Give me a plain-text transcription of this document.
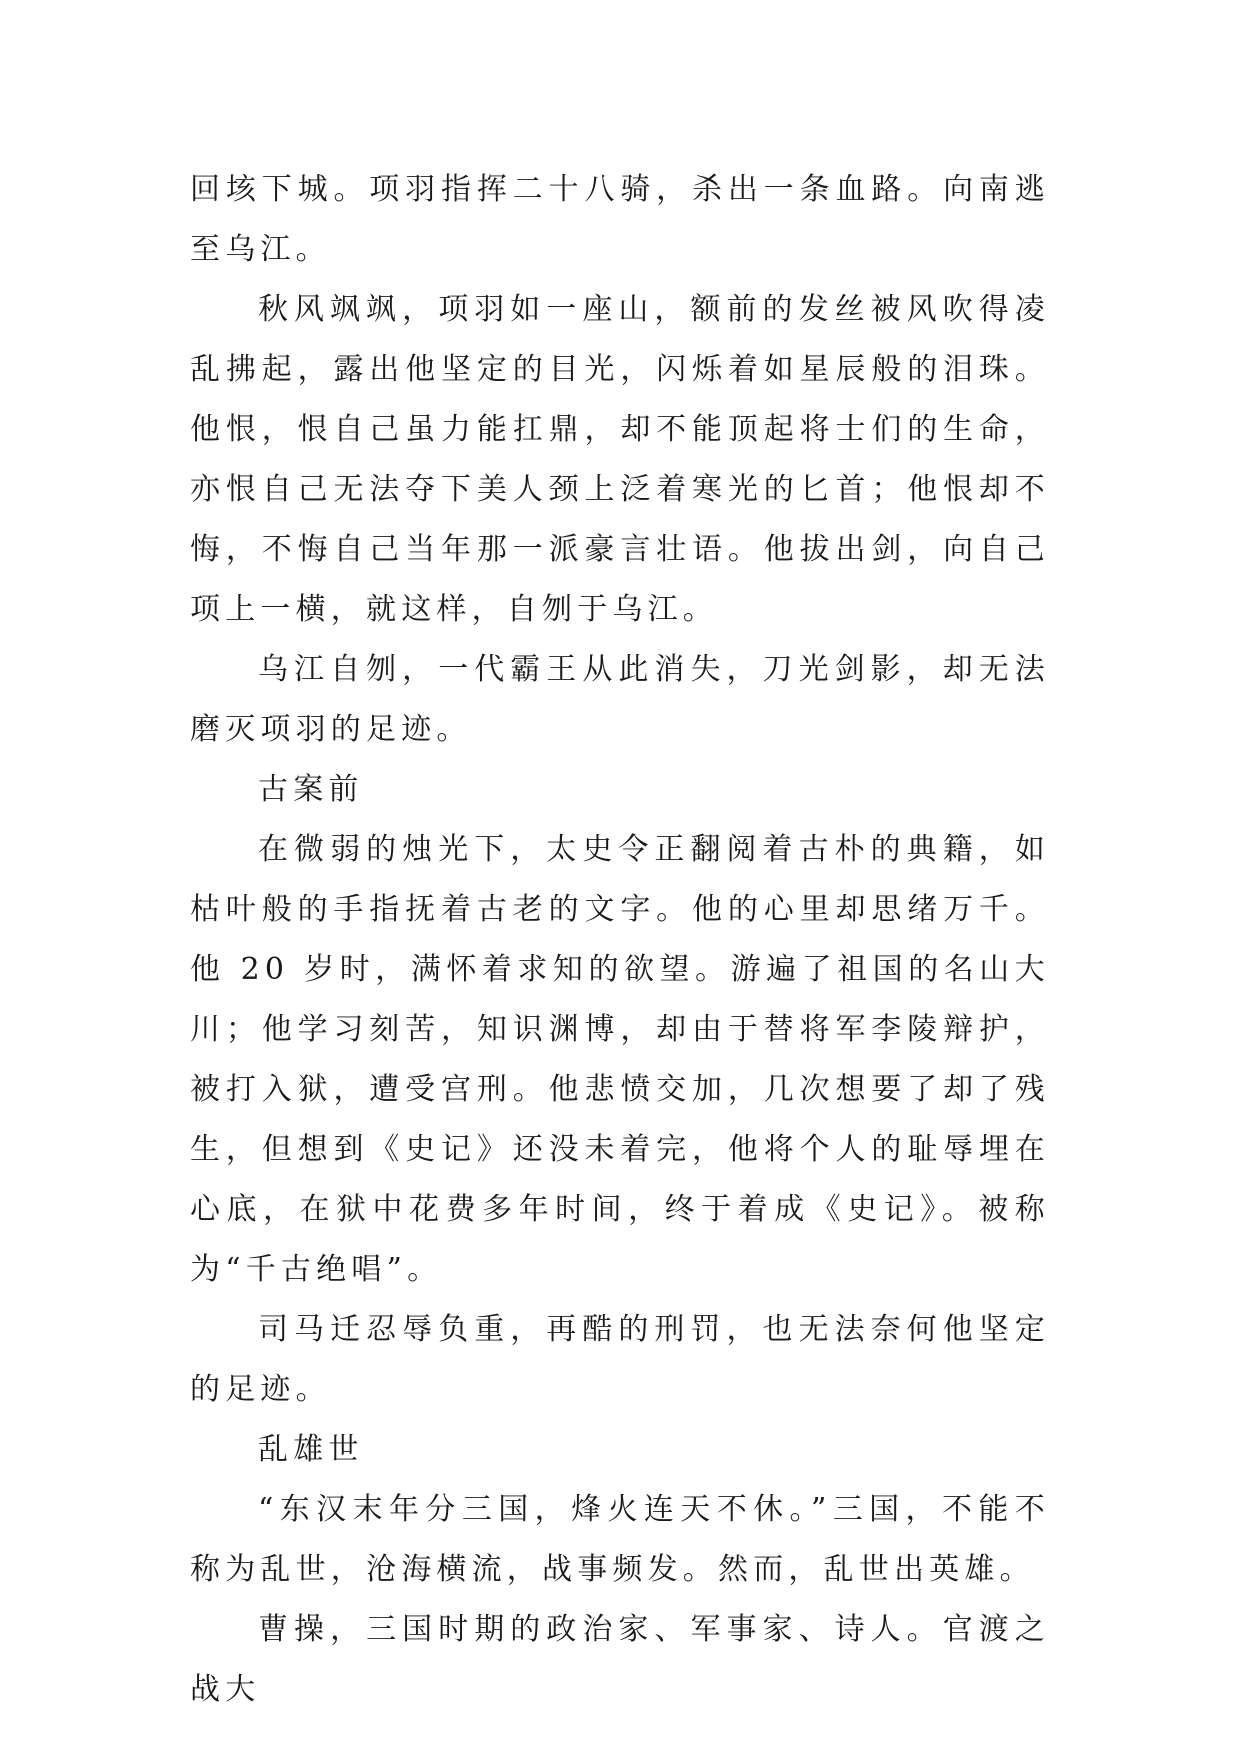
回垓下城。项羽指挥二十八骑，杀出一条血路。向南逃至乌江。

秋风飒飒，项羽如一座山，额前的发丝被风吹得凌乱拂起，露出他坚定的目光，闪烁着如星辰般的泪珠。他恨，恨自己虽力能扛鼎，却不能顶起将士们的生命，亦恨自己无法夺下美人颈上泛着寒光的匕首；他恨却不悔，不悔自己当年那一派豪言壮语。他拔出剑，向自己项上一横，就这样，自刎于乌江。

乌江自刎，一代霸王从此消失，刀光剑影，却无法磨灭项羽的足迹。

古案前

在微弱的烛光下，太史令正翻阅着古朴的典籍，如枯叶般的手指抚着古老的文字。他的心里却思绪万千。他 20 岁时，满怀着求知的欲望。游遍了祖国的名山大川；他学习刻苦，知识渊博，却由于替将军李陵辩护，被打入狱，遭受宫刑。他悲愤交加，几次想要了却了残生，但想到《史记》还没未着完，他将个人的耻辱埋在心底，在狱中花费多年时间，终于着成《史记》。被称为“千古绝唱”。

司马迁忍辱负重，再酷的刑罚，也无法奈何他坚定的足迹。

乱雄世

“东汉末年分三国，烽火连天不休。”三国，不能不称为乱世，沧海横流，战事频发。然而，乱世出英雄。

曹操，三国时期的政治家、军事家、诗人。官渡之战大
